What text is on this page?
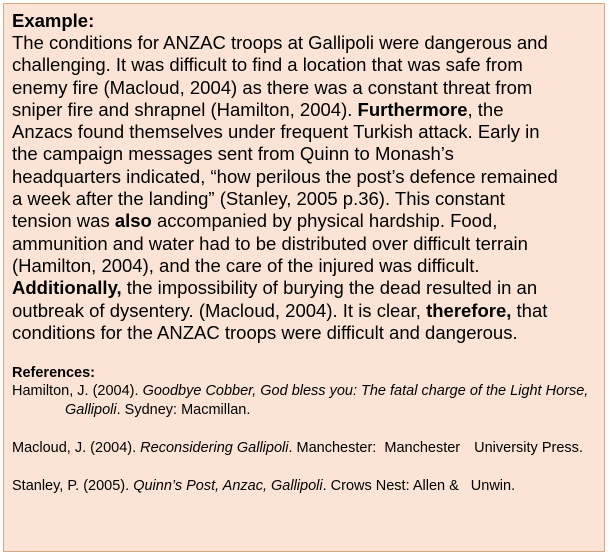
Example:

The conditions for ANZAC troops at Gallipoli were dangerous and
challenging. It was difficult to find a location that was safe from
enemy fire (Macloud, 2004) as there was a constant threat from
sniper fire and shrapnel (Hamilton, 2004). Furthermore, the
Anzacs found themselves under frequent Turkish attack. Early in
the campaign messages sent from Quinn to Monash’s
headquarters indicated, “how perilous the post’s defence remained
a week after the landing” (Stanley, 2005 p.36). This constant
tension was also accompanied by physical hardship. Food,
ammunition and water had to be distributed over difficult terrain
(Hamilton, 2004), and the care of the injured was difficult.
Additionally, the impossibility of burying the dead resulted in an
outbreak of dysentery. (Macloud, 2004). It is clear, therefore, that
conditions for the ANZAC troops were difficult and dangerous.

References:

Hamilton, J. (2004). Goodbye Cobber, God bless you: The fatal charge of the Light Horse,
Gallipoli. Sydney: Macmillan.

Macloud, J. (2004). Reconsidering Gallipoli. Manchester:  Manchester University Press.

Stanley, P. (2005). Quinn’s Post, Anzac, Gallipoli. Crows Nest: Allen & Unwin.
